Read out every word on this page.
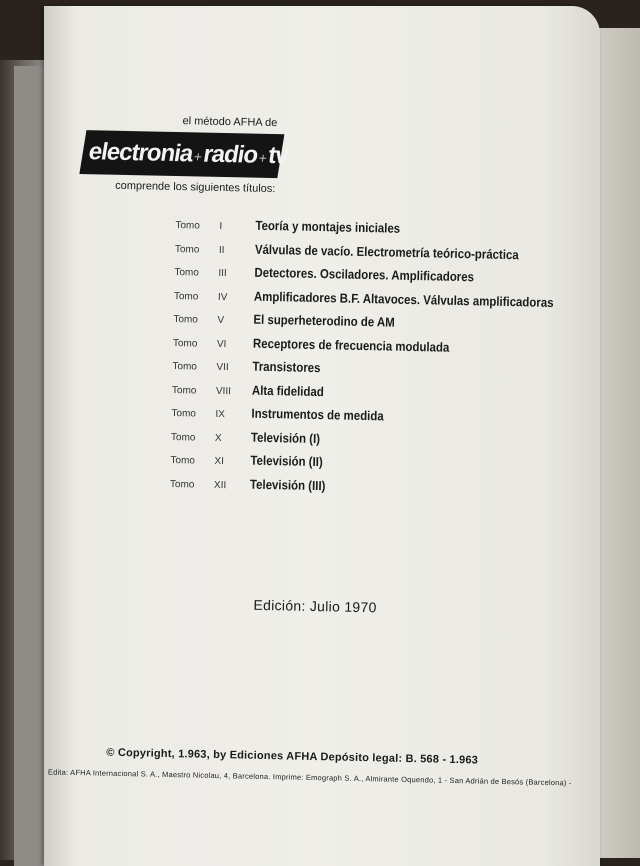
el método AFHA de
electronia+radio+tv
comprende los siguientes títulos:
Tomo I	Teoría y montajes iniciales
Tomo II Válvulas de vacío. Electrometría teórico-práctica
Tomo III Detectores. Osciladores. Amplificadores
Tomo IV Amplificadores B.F. Altavoces. Válvulas amplificadoras
Tomo V El superheterodino de AM
Tomo VI Receptores de frecuencia modulada
Tomo VII Transistores
Tomo VIII Alta fidelidad
Tomo IX Instrumentos de medida
Tomo X Televisión (I)
Tomo XI Televisión (II)
Tomo XII Televisión (III)
Edición: Julio 1970
© Copyright, 1.963, by Ediciones AFHA Depósito legal: B. 568 - 1.963
Edita: AFHA Internacional S. A., Maestro Nicolau, 4, Barcelona. Imprime: Emograph S. A., Almirante Oquendo, 1 - San Adrián de Besós (Barcelona) -
